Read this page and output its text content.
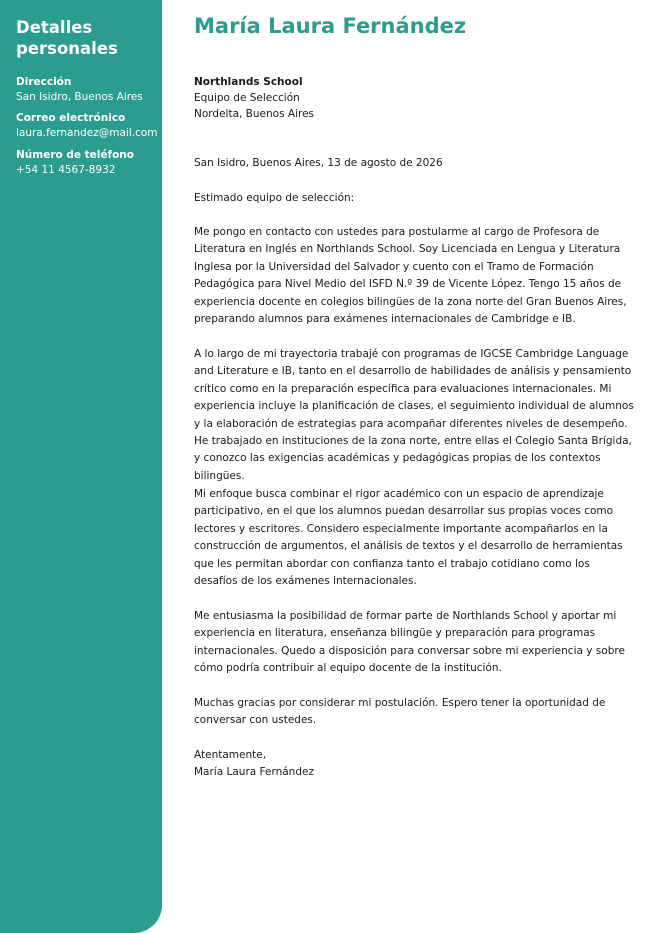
Detalles personales
Dirección
San Isidro, Buenos Aires
Correo electrónico
laura.fernandez@mail.com
Número de teléfono
+54 11 4567-8932
María Laura Fernández
Northlands School
Equipo de Selección
Nordelta, Buenos Aires
San Isidro, Buenos Aires, 13 de agosto de 2026
Estimado equipo de selección:

Me pongo en contacto con ustedes para postularme al cargo de Profesora de Literatura en Inglés en Northlands School. Soy Licenciada en Lengua y Literatura Inglesa por la Universidad del Salvador y cuento con el Tramo de Formación Pedagógica para Nivel Medio del ISFD N.º 39 de Vicente López. Tengo 15 años de experiencia docente en colegios bilingües de la zona norte del Gran Buenos Aires, preparando alumnos para exámenes internacionales de Cambridge e IB.

A lo largo de mi trayectoria trabajé con programas de IGCSE Cambridge Language and Literature e IB, tanto en el desarrollo de habilidades de análisis y pensamiento crítico como en la preparación específica para evaluaciones internacionales. Mi experiencia incluye la planificación de clases, el seguimiento individual de alumnos y la elaboración de estrategias para acompañar diferentes niveles de desempeño. He trabajado en instituciones de la zona norte, entre ellas el Colegio Santa Brígida, y conozco las exigencias académicas y pedagógicas propias de los contextos bilingües.

Mi enfoque busca combinar el rigor académico con un espacio de aprendizaje participativo, en el que los alumnos puedan desarrollar sus propias voces como lectores y escritores. Considero especialmente importante acompañarlos en la construcción de argumentos, el análisis de textos y el desarrollo de herramientas que les permitan abordar con confianza tanto el trabajo cotidiano como los desafíos de los exámenes internacionales.

Me entusiasma la posibilidad de formar parte de Northlands School y aportar mi experiencia en literatura, enseñanza bilingüe y preparación para programas internacionales. Quedo a disposición para conversar sobre mi experiencia y sobre cómo podría contribuir al equipo docente de la institución.

Muchas gracias por considerar mi postulación. Espero tener la oportunidad de conversar con ustedes.

Atentamente,
María Laura Fernández
